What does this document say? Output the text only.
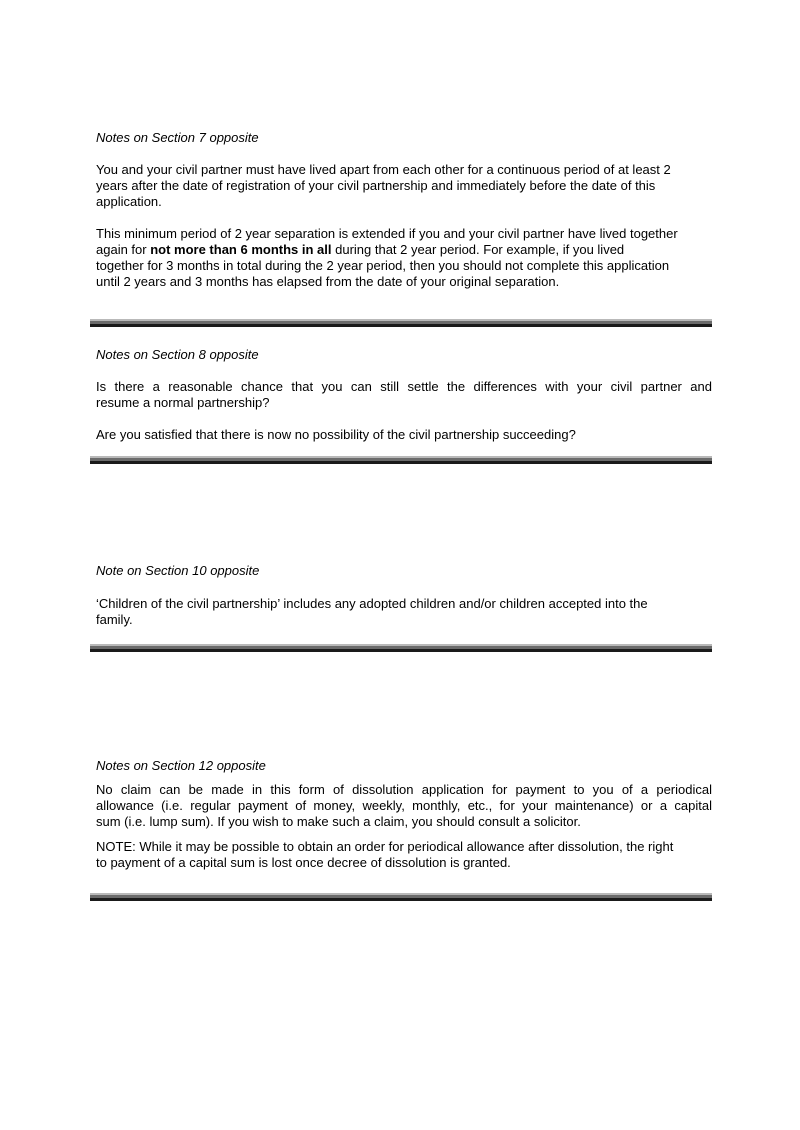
Notes on Section 7 opposite
You and your civil partner must have lived apart from each other for a continuous period of at least 2
years after the date of registration of your civil partnership and immediately before the date of this
application.
This minimum period of 2 year separation is extended if you and your civil partner have lived together
again for not more than 6 months in all during that 2 year period. For example, if you lived
together for 3 months in total during the 2 year period, then you should not complete this application
until 2 years and 3 months has elapsed from the date of your original separation.
Notes on Section 8 opposite
Is there a reasonable chance that you can still settle the differences with your civil partner and
resume a normal partnership?
Are you satisfied that there is now no possibility of the civil partnership succeeding?
Note on Section 10 opposite
‘Children of the civil partnership’ includes any adopted children and/or children accepted into the
family.
Notes on Section 12 opposite
No claim can be made in this form of dissolution application for payment to you of a periodical
allowance (i.e. regular payment of money, weekly, monthly, etc., for your maintenance) or a capital
sum (i.e. lump sum). If you wish to make such a claim, you should consult a solicitor.
NOTE: While it may be possible to obtain an order for periodical allowance after dissolution, the right
to payment of a capital sum is lost once decree of dissolution is granted.
